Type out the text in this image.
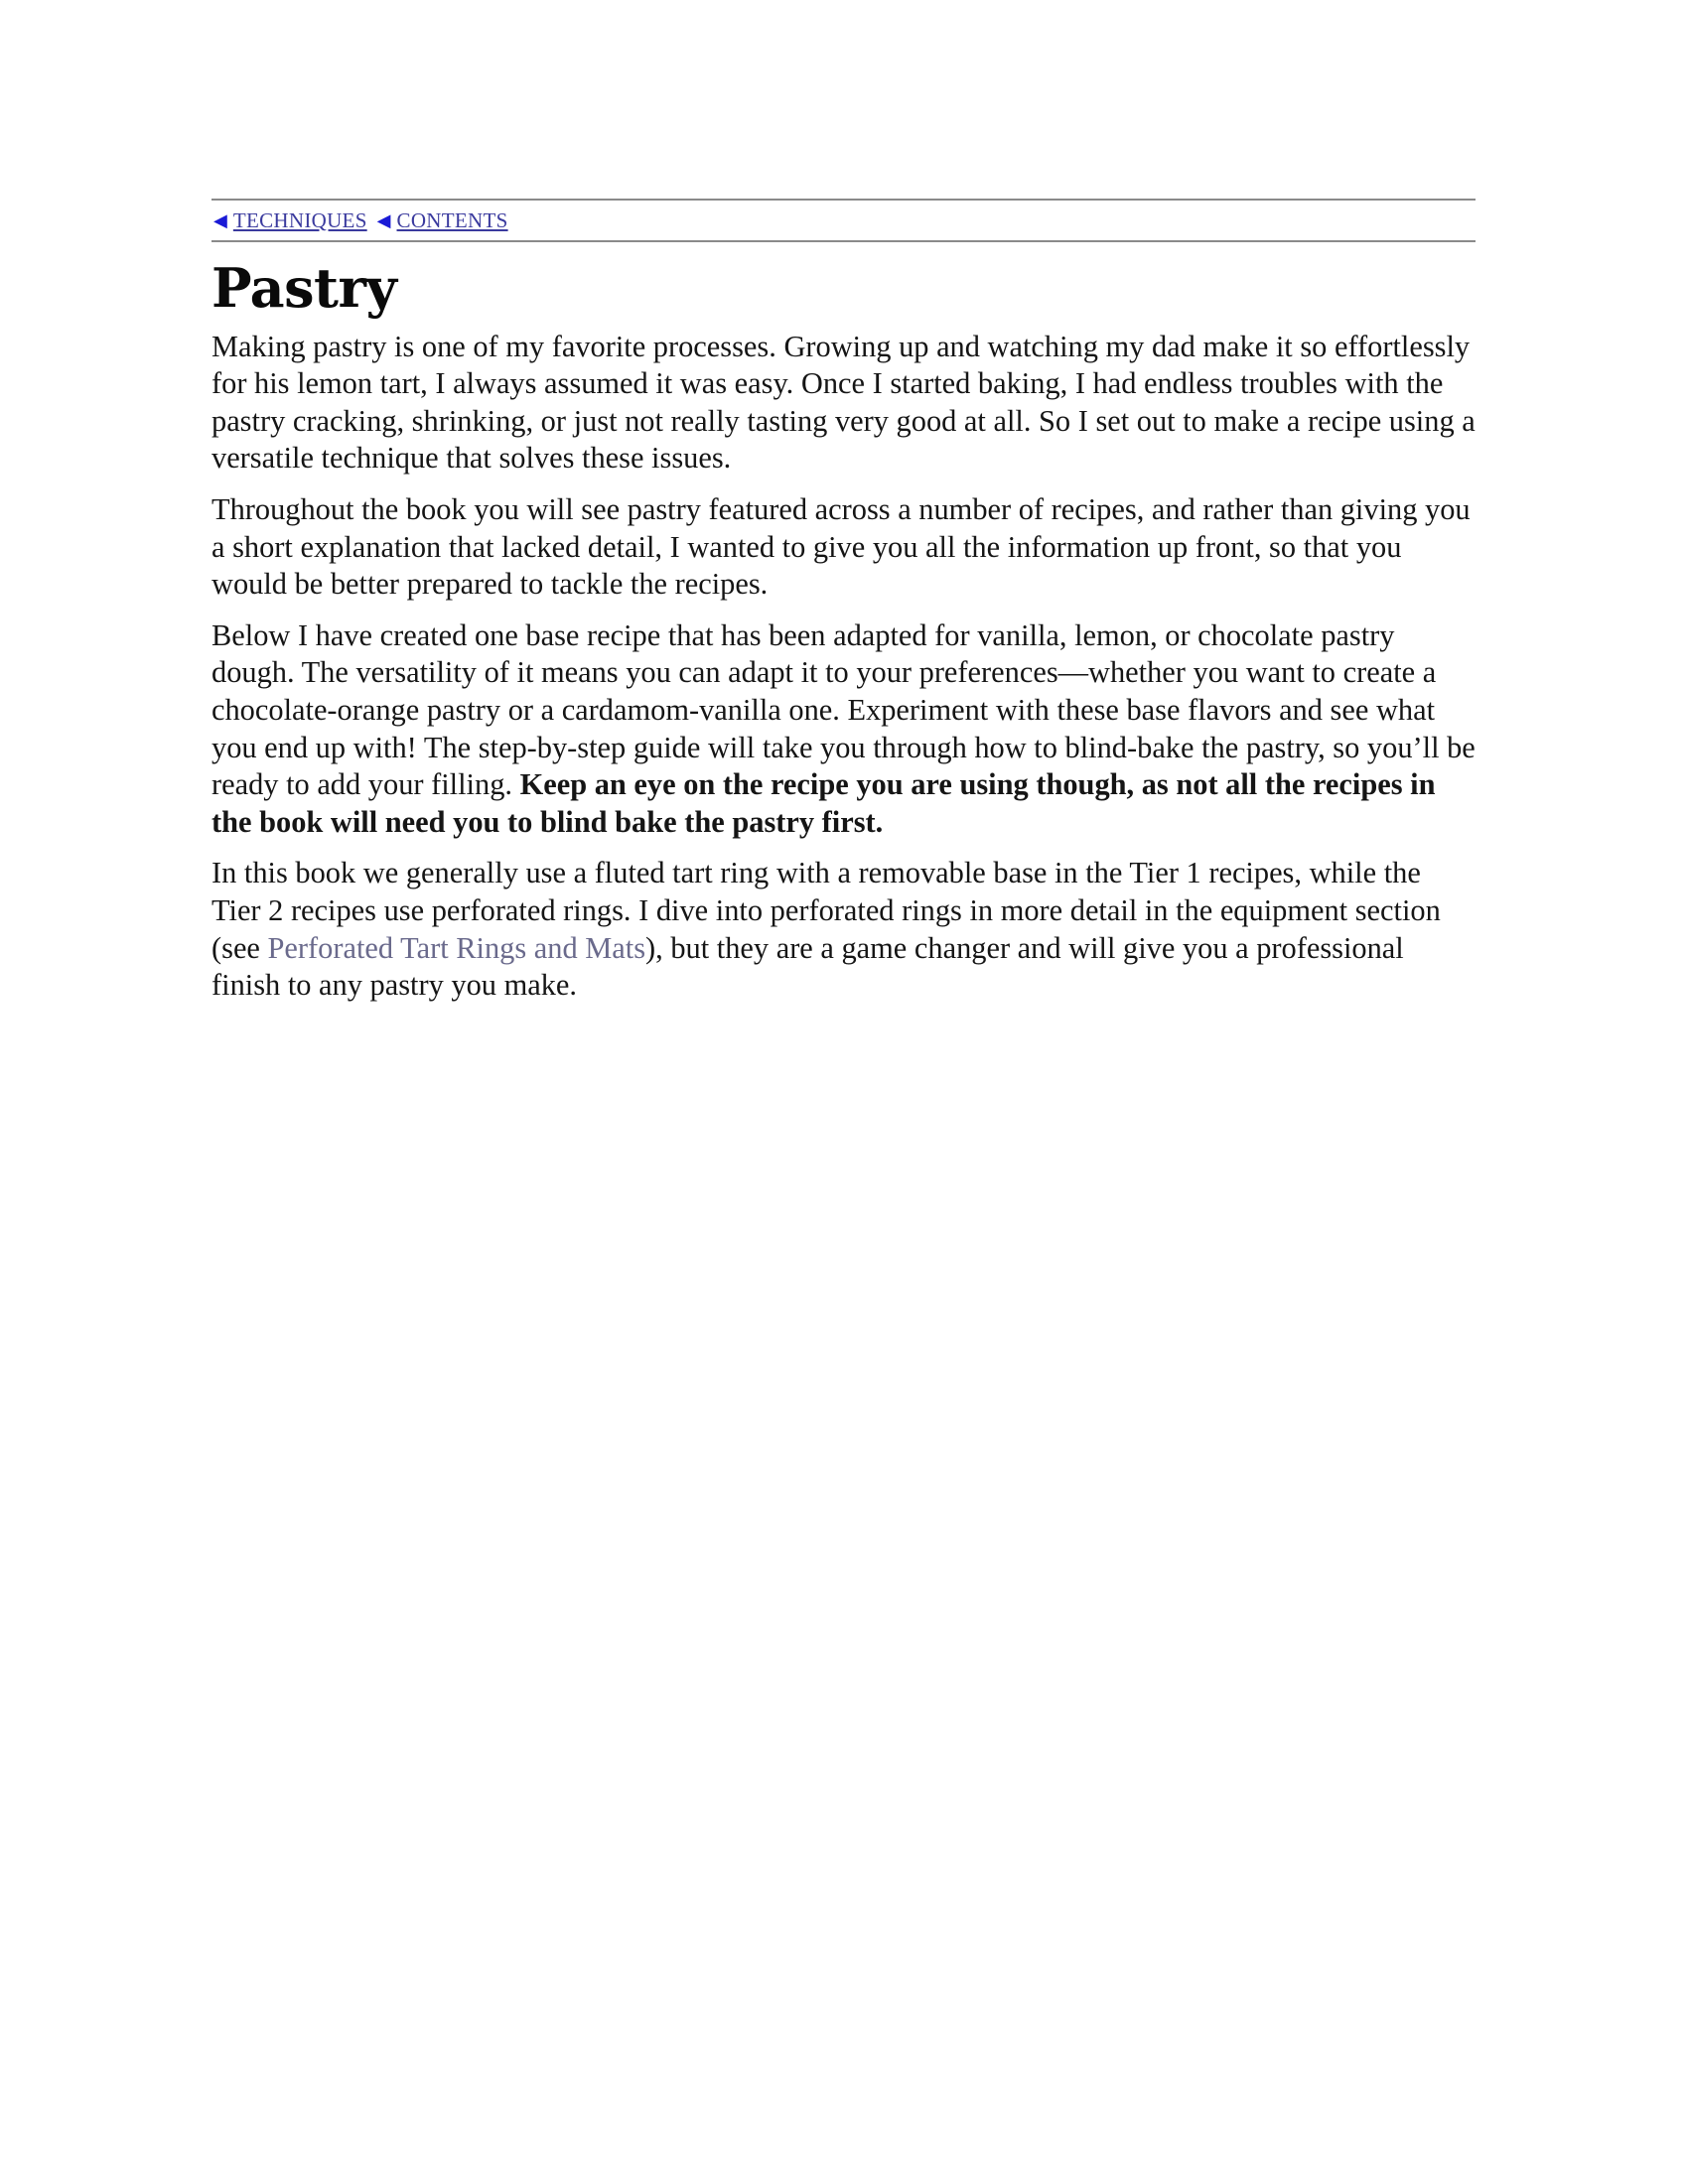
◀ TECHNIQUES ◀ CONTENTS
Pastry

Making pastry is one of my favorite processes. Growing up and watching my dad make it so effortlessly for his lemon tart, I always assumed it was easy. Once I started baking, I had endless troubles with the pastry cracking, shrinking, or just not really tasting very good at all. So I set out to make a recipe using a versatile technique that solves these issues.

Throughout the book you will see pastry featured across a number of recipes, and rather than giving you a short explanation that lacked detail, I wanted to give you all the information up front, so that you would be better prepared to tackle the recipes.

Below I have created one base recipe that has been adapted for vanilla, lemon, or chocolate pastry dough. The versatility of it means you can adapt it to your preferences—whether you want to create a chocolate-orange pastry or a cardamom-vanilla one. Experiment with these base flavors and see what you end up with! The step-by-step guide will take you through how to blind-bake the pastry, so you’ll be ready to add your filling. Keep an eye on the recipe you are using though, as not all the recipes in the book will need you to blind bake the pastry first.

In this book we generally use a fluted tart ring with a removable base in the Tier 1 recipes, while the Tier 2 recipes use perforated rings. I dive into perforated rings in more detail in the equipment section (see Perforated Tart Rings and Mats), but they are a game changer and will give you a professional finish to any pastry you make.
